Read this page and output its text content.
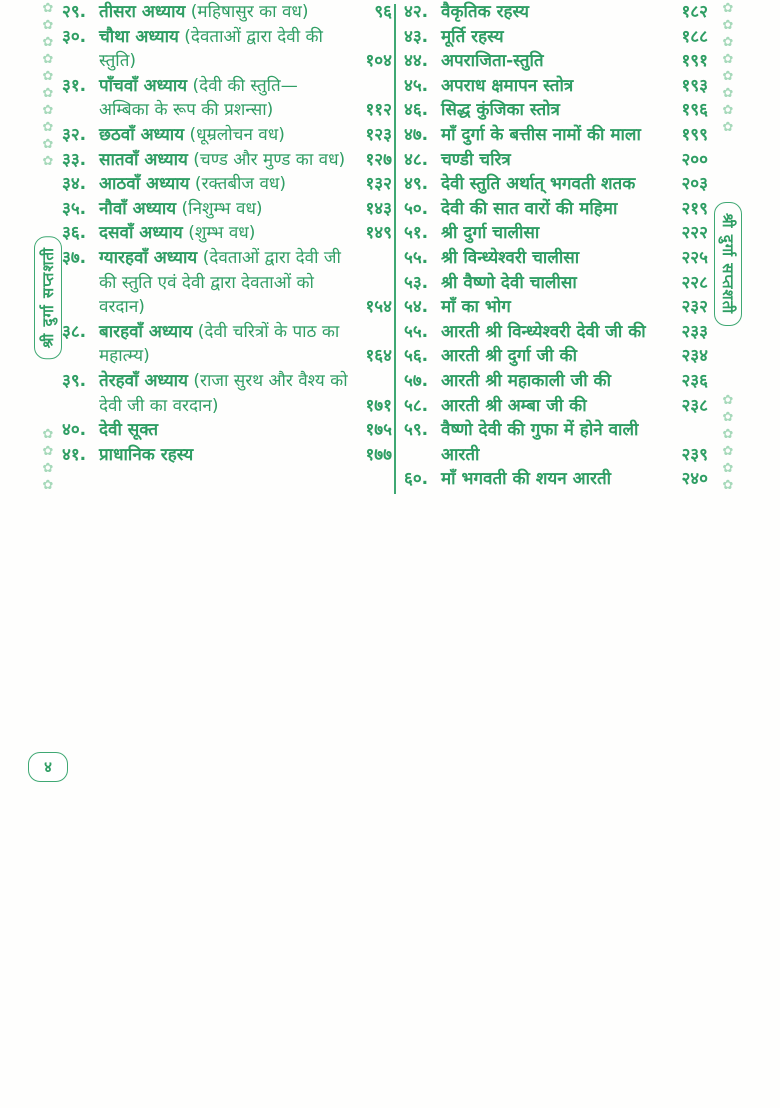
✿
✿
✿
✿
✿
✿
✿
✿
✿
✿
श्री दुर्गा सप्तशती
✿
✿
✿
✿
२९. तीसरा अध्याय (महिषासुर का वध)	९६
३०. चौथा अध्याय (देवताओं द्वारा देवी की स्तुति)	१०४
३१. पाँचवाँ अध्याय (देवी की स्तुति— अम्बिका के रूप की प्रशन्सा)	११२
३२. छठवाँ अध्याय (धूम्रलोचन वध)	१२३
३३. सातवाँ अध्याय (चण्ड और मुण्ड का वध)	१२७
३४. आठवाँ अध्याय (रक्तबीज वध)	१३२
३५. नौवाँ अध्याय (निशुम्भ वध)	१४३
३६. दसवाँ अध्याय (शुम्भ वध)	१४९
३७. ग्यारहवाँ अध्याय (देवताओं द्वारा देवी जी की स्तुति एवं देवी द्वारा देवताओं को वरदान)	१५४
३८. बारहवाँ अध्याय (देवी चरित्रों के पाठ का महात्म्य)	१६४
३९. तेरहवाँ अध्याय (राजा सुरथ और वैश्य को देवी जी का वरदान)	१७१
४०. देवी सूक्त	१७५
४१. प्राधानिक रहस्य	१७७
४२. वैकृतिक रहस्य	१८२
४३. मूर्ति रहस्य	१८८
४४. अपराजिता-स्तुति	१९१
४५. अपराध क्षमापन स्तोत्र	१९३
४६. सिद्ध कुंजिका स्तोत्र	१९६
४७. माँ दुर्गा के बत्तीस नामों की माला	१९९
४८. चण्डी चरित्र	२००
४९. देवी स्तुति अर्थात् भगवती शतक	२०३
५०. देवी की सात वारों की महिमा	२१९
५१. श्री दुर्गा चालीसा	२२२
५५. श्री विन्ध्येश्वरी चालीसा	२२५
५३. श्री वैष्णो देवी चालीसा	२२८
५४. माँ का भोग	२३२
५५. आरती श्री विन्ध्येश्वरी देवी जी की	२३३
५६. आरती श्री दुर्गा जी की	२३४
५७. आरती श्री महाकाली जी की	२३६
५८. आरती श्री अम्बा जी की	२३८
५९. वैष्णो देवी की गुफा में होने वाली आरती	२३९
६०. माँ भगवती की शयन आरती	२४०
✿
✿
✿
✿
✿
✿
✿
✿
श्री दुर्गा सप्तशती
✿
✿
✿
✿
✿
✿
४
